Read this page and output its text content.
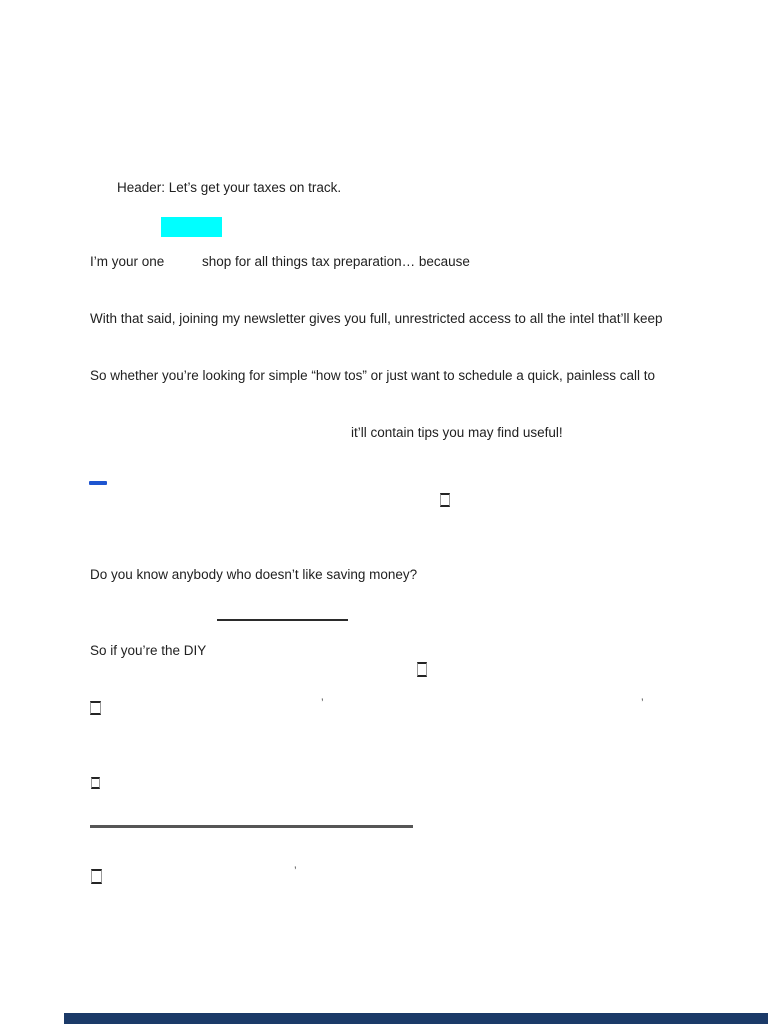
Header: Let’s get your taxes on track.
I’m your one	shop for all things tax preparation… because
With that said, joining my newsletter gives you full, unrestricted access to all the intel that’ll keep
So whether you’re looking for simple “how tos” or just want to schedule a quick, painless call to
it’ll contain tips you may find useful!
Do you know anybody who doesn’t like saving money?
So if you’re the DIY
’	’
’
